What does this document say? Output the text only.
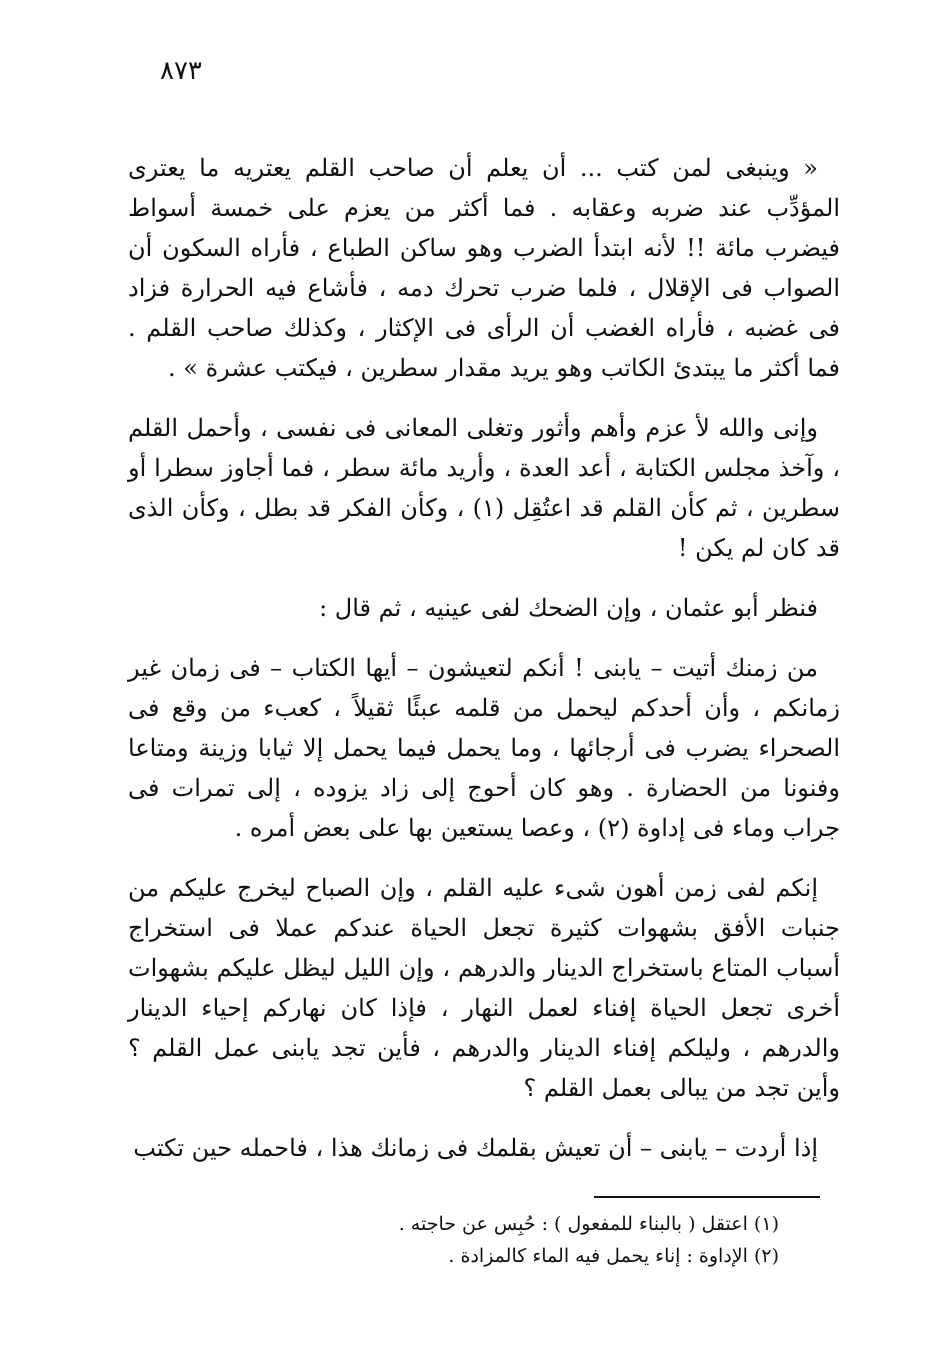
٨٧٣

« وينبغى لمن كتب ... أن يعلم أن صاحب القلم يعتريه ما يعترى المؤدِّب عند ضربه وعقابه . فما أكثر من يعزم على خمسة أسواط فيضرب مائة !! لأنه ابتدأ الضرب وهو ساكن الطباع ، فأراه السكون أن الصواب فى الإقلال ، فلما ضرب تحرك دمه ، فأشاع فيه الحرارة فزاد فى غضبه ، فأراه الغضب أن الرأى فى الإكثار ، وكذلك صاحب القلم . فما أكثر ما يبتدئ الكاتب وهو يريد مقدار سطرين ، فيكتب عشرة » .

وإنى والله لأ عزم وأهم وأثور وتغلى المعانى فى نفسى ، وأحمل القلم ، وآخذ مجلس الكتابة ، أعد العدة ، وأريد مائة سطر ، فما أجاوز سطرا أو سطرين ، ثم كأن القلم قد اعتُقِل (١) ، وكأن الفكر قد بطل ، وكأن الذى قد كان لم يكن !

فنظر أبو عثمان ، وإن الضحك لفى عينيه ، ثم قال :

من زمنك أتيت – يابنى ! أنكم لتعيشون – أيها الكتاب – فى زمان غير زمانكم ، وأن أحدكم ليحمل من قلمه عبئًا ثقيلاً ، كعبء من وقع فى الصحراء يضرب فى أرجائها ، وما يحمل فيما يحمل إلا ثيابا وزينة ومتاعا وفنونا من الحضارة . وهو كان أحوج إلى زاد يزوده ، إلى تمرات فى جراب وماء فى إداوة (٢) ، وعصا يستعين بها على بعض أمره .

إنكم لفى زمن أهون شىء عليه القلم ، وإن الصباح ليخرج عليكم من جنبات الأفق بشهوات كثيرة تجعل الحياة عندكم عملا فى استخراج أسباب المتاع باستخراج الدينار والدرهم ، وإن الليل ليظل عليكم بشهوات أخرى تجعل الحياة إفناء لعمل النهار ، فإذا كان نهاركم إحياء الدينار والدرهم ، وليلكم إفناء الدينار والدرهم ، فأين تجد يابنى عمل القلم ؟ وأين تجد من يبالى بعمل القلم ؟

إذا أردت – يابنى – أن تعيش بقلمك فى زمانك هذا ، فاحمله حين تكتب

(١) اعتقل ( بالبناء للمفعول ) : حُبِس عن حاجته .

(٢) الإداوة : إناء يحمل فيه الماء كالمزادة .
